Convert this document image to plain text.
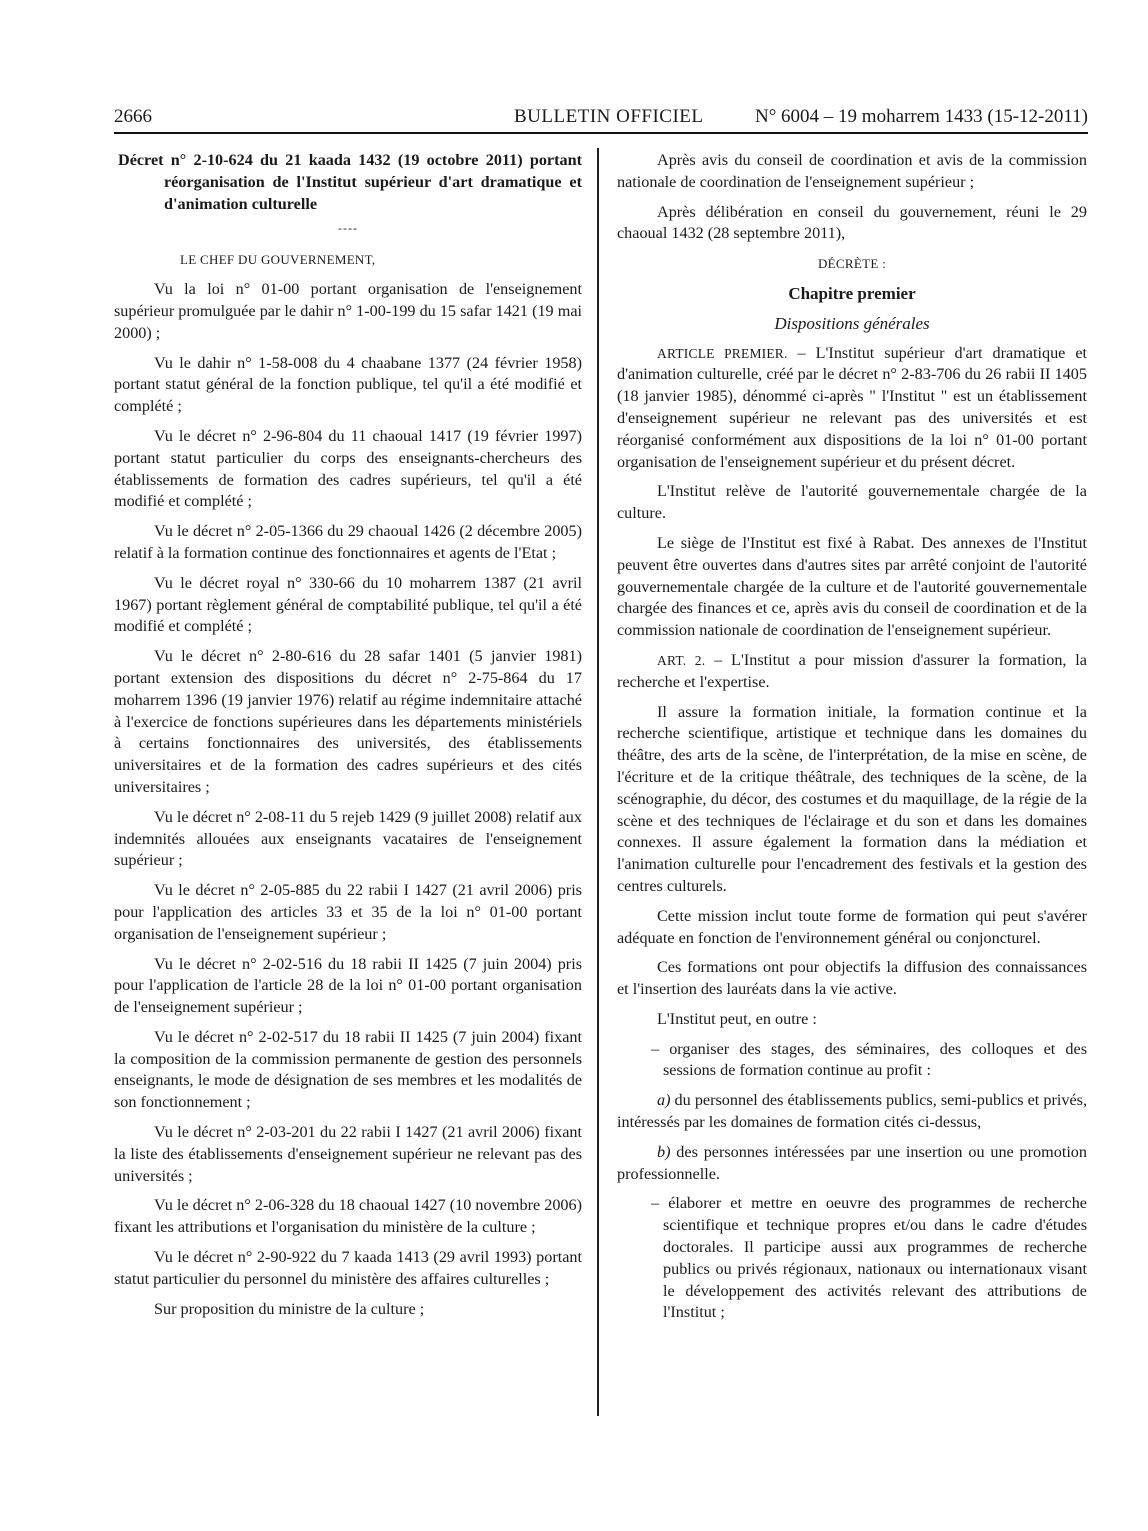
2666	BULLETIN OFFICIEL	N° 6004 – 19 moharrem 1433 (15-12-2011)

Décret n° 2-10-624 du 21 kaada 1432 (19 octobre 2011) portant réorganisation de l'Institut supérieur d'art dramatique et d'animation culturelle

----

LE CHEF DU GOUVERNEMENT,

Vu la loi n° 01-00 portant organisation de l'enseignement supérieur promulguée par le dahir n° 1-00-199 du 15 safar 1421 (19 mai 2000) ;

Vu le dahir n° 1-58-008 du 4 chaabane 1377 (24 février 1958) portant statut général de la fonction publique, tel qu'il a été modifié et complété ;

Vu le décret n° 2-96-804 du 11 chaoual 1417 (19 février 1997) portant statut particulier du corps des enseignants-chercheurs des établissements de formation des cadres supérieurs, tel qu'il a été modifié et complété ;

Vu le décret n° 2-05-1366 du 29 chaoual 1426 (2 décembre 2005) relatif à la formation continue des fonctionnaires et agents de l'Etat ;

Vu le décret royal n° 330-66 du 10 moharrem 1387 (21 avril 1967) portant règlement général de comptabilité publique, tel qu'il a été modifié et complété ;

Vu le décret n° 2-80-616 du 28 safar 1401 (5 janvier 1981) portant extension des dispositions du décret n° 2-75-864 du 17 moharrem 1396 (19 janvier 1976) relatif au régime indemnitaire attaché à l'exercice de fonctions supérieures dans les départements ministériels à certains fonctionnaires des universités, des établissements universitaires et de la formation des cadres supérieurs et des cités universitaires ;

Vu le décret n° 2-08-11 du 5 rejeb 1429 (9 juillet 2008) relatif aux indemnités allouées aux enseignants vacataires de l'enseignement supérieur ;

Vu le décret n° 2-05-885 du 22 rabii I 1427 (21 avril 2006) pris pour l'application des articles 33 et 35 de la loi n° 01-00 portant organisation de l'enseignement supérieur ;

Vu le décret n° 2-02-516 du 18 rabii II 1425 (7 juin 2004) pris pour l'application de l'article 28 de la loi n° 01-00 portant organisation de l'enseignement supérieur ;

Vu le décret n° 2-02-517 du 18 rabii II 1425 (7 juin 2004) fixant la composition de la commission permanente de gestion des personnels enseignants, le mode de désignation de ses membres et les modalités de son fonctionnement ;

Vu le décret n° 2-03-201 du 22 rabii I 1427 (21 avril 2006) fixant la liste des établissements d'enseignement supérieur ne relevant pas des universités ;

Vu le décret n° 2-06-328 du 18 chaoual 1427 (10 novembre 2006) fixant les attributions et l'organisation du ministère de la culture ;

Vu le décret n° 2-90-922 du 7 kaada 1413 (29 avril 1993) portant statut particulier du personnel du ministère des affaires culturelles ;

Sur proposition du ministre de la culture ;

Après avis du conseil de coordination et avis de la commission nationale de coordination de l'enseignement supérieur ;

Après délibération en conseil du gouvernement, réuni le 29 chaoual 1432 (28 septembre 2011),

DÉCRÈTE :

Chapitre premier

Dispositions générales

ARTICLE PREMIER. – L'Institut supérieur d'art dramatique et d'animation culturelle, créé par le décret n° 2-83-706 du 26 rabii II 1405 (18 janvier 1985), dénommé ci-après " l'Institut " est un établissement d'enseignement supérieur ne relevant pas des universités et est réorganisé conformément aux dispositions de la loi n° 01-00 portant organisation de l'enseignement supérieur et du présent décret.

L'Institut relève de l'autorité gouvernementale chargée de la culture.

Le siège de l'Institut est fixé à Rabat. Des annexes de l'Institut peuvent être ouvertes dans d'autres sites par arrêté conjoint de l'autorité gouvernementale chargée de la culture et de l'autorité gouvernementale chargée des finances et ce, après avis du conseil de coordination et de la commission nationale de coordination de l'enseignement supérieur.

ART. 2. – L'Institut a pour mission d'assurer la formation, la recherche et l'expertise.

Il assure la formation initiale, la formation continue et la recherche scientifique, artistique et technique dans les domaines du théâtre, des arts de la scène, de l'interprétation, de la mise en scène, de l'écriture et de la critique théâtrale, des techniques de la scène, de la scénographie, du décor, des costumes et du maquillage, de la régie de la scène et des techniques de l'éclairage et du son et dans les domaines connexes. Il assure également la formation dans la médiation et l'animation culturelle pour l'encadrement des festivals et la gestion des centres culturels.

Cette mission inclut toute forme de formation qui peut s'avérer adéquate en fonction de l'environnement général ou conjoncturel.

Ces formations ont pour objectifs la diffusion des connaissances et l'insertion des lauréats dans la vie active.

L'Institut peut, en outre :

– organiser des stages, des séminaires, des colloques et des sessions de formation continue au profit :

a) du personnel des établissements publics, semi-publics et privés, intéressés par les domaines de formation cités ci-dessus,

b) des personnes intéressées par une insertion ou une promotion professionnelle.

– élaborer et mettre en oeuvre des programmes de recherche scientifique et technique propres et/ou dans le cadre d'études doctorales. Il participe aussi aux programmes de recherche publics ou privés régionaux, nationaux ou internationaux visant le développement des activités relevant des attributions de l'Institut ;
